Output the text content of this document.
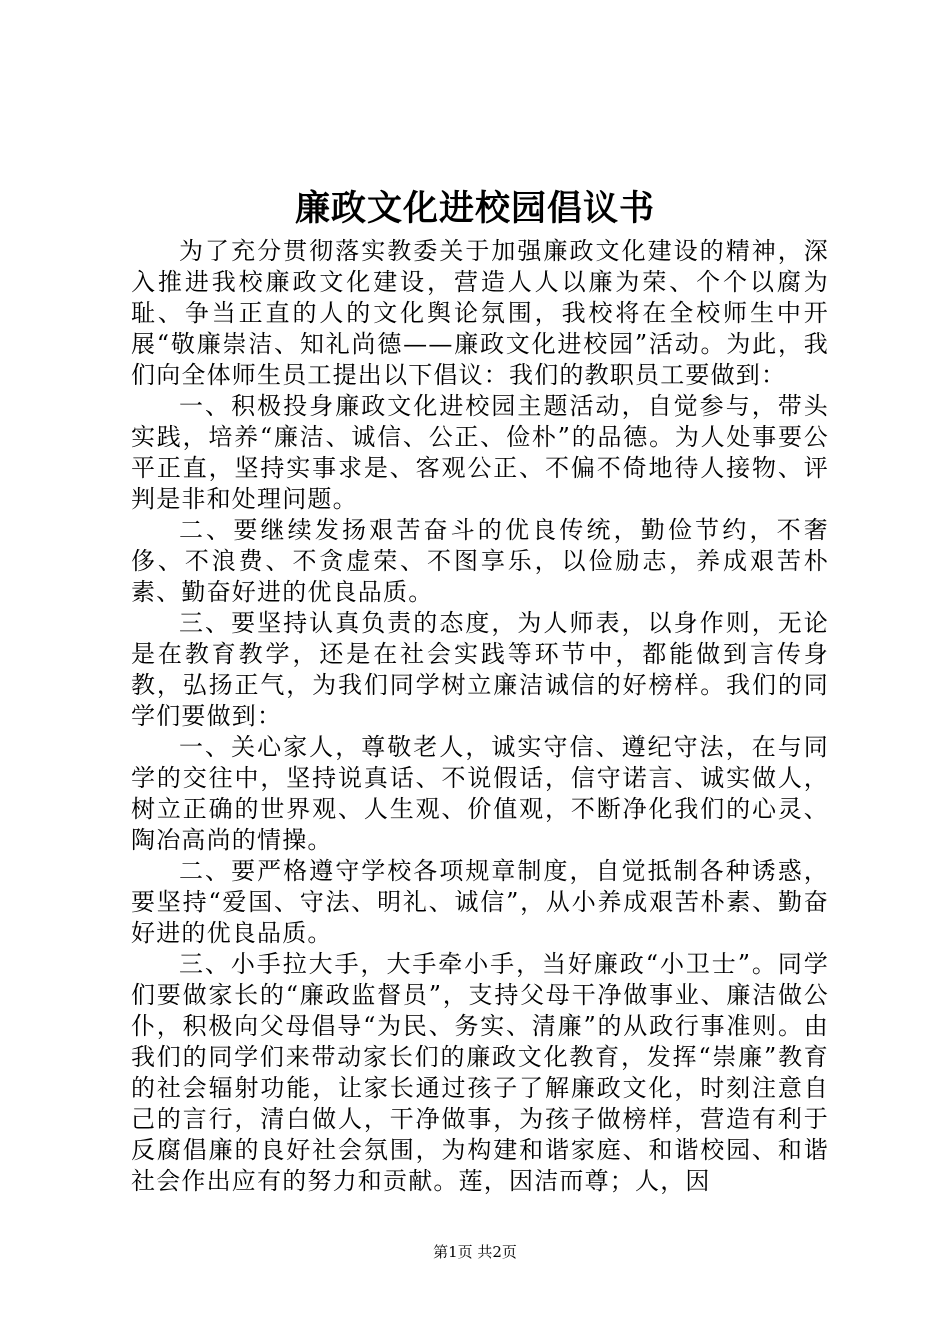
廉政文化进校园倡议书

为了充分贯彻落实教委关于加强廉政文化建设的精神，深入推进我校廉政文化建设，营造人人以廉为荣、个个以腐为耻、争当正直的人的文化舆论氛围，我校将在全校师生中开展“敬廉崇洁、知礼尚德——廉政文化进校园”活动。为此，我们向全体师生员工提出以下倡议：我们的教职员工要做到：

一、积极投身廉政文化进校园主题活动，自觉参与，带头实践，培养“廉洁、诚信、公正、俭朴”的品德。为人处事要公平正直，坚持实事求是、客观公正、不偏不倚地待人接物、评判是非和处理问题。

二、要继续发扬艰苦奋斗的优良传统，勤俭节约，不奢侈、不浪费、不贪虚荣、不图享乐，以俭励志，养成艰苦朴素、勤奋好进的优良品质。

三、要坚持认真负责的态度，为人师表，以身作则，无论是在教育教学，还是在社会实践等环节中，都能做到言传身教，弘扬正气，为我们同学树立廉洁诚信的好榜样。我们的同学们要做到：

一、关心家人，尊敬老人，诚实守信、遵纪守法，在与同学的交往中，坚持说真话、不说假话，信守诺言、诚实做人，树立正确的世界观、人生观、价值观，不断净化我们的心灵、陶冶高尚的情操。

二、要严格遵守学校各项规章制度，自觉抵制各种诱惑，要坚持“爱国、守法、明礼、诚信”，从小养成艰苦朴素、勤奋好进的优良品质。

三、小手拉大手，大手牵小手，当好廉政“小卫士”。同学们要做家长的“廉政监督员”，支持父母干净做事业、廉洁做公仆，积极向父母倡导“为民、务实、清廉”的从政行事准则。由我们的同学们来带动家长们的廉政文化教育，发挥“崇廉”教育的社会辐射功能，让家长通过孩子了解廉政文化，时刻注意自己的言行，清白做人，干净做事，为孩子做榜样，营造有利于反腐倡廉的良好社会氛围，为构建和谐家庭、和谐校园、和谐社会作出应有的努力和贡献。莲，因洁而尊；人，因

第1页 共2页
